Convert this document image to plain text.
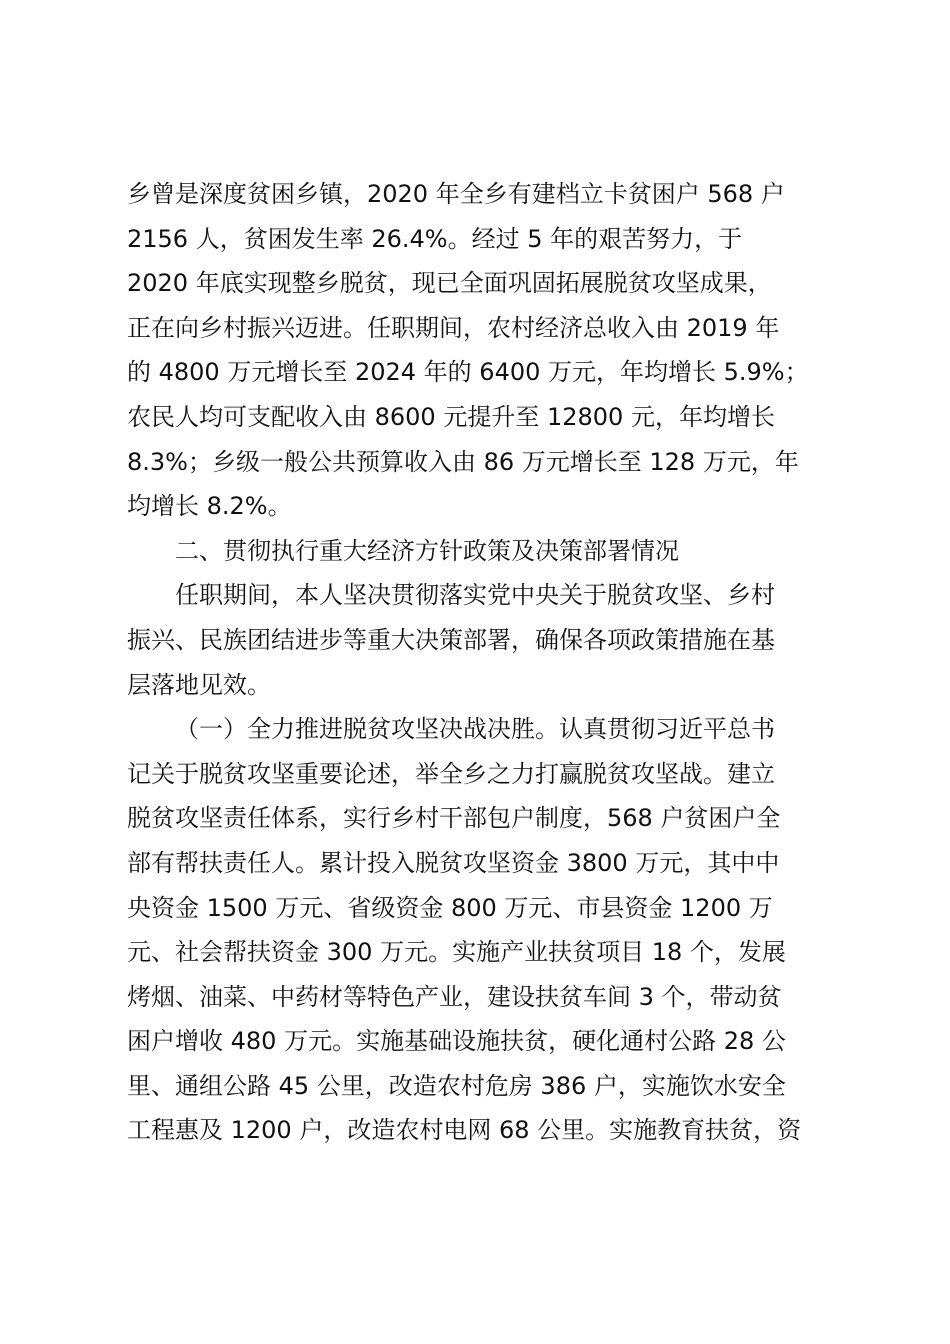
乡曾是深度贫困乡镇，2020 年全乡有建档立卡贫困户 568 户
2156 人，贫困发生率 26.4%。经过 5 年的艰苦努力，于
2020 年底实现整乡脱贫，现已全面巩固拓展脱贫攻坚成果，
正在向乡村振兴迈进。任职期间，农村经济总收入由 2019 年
的 4800 万元增长至 2024 年的 6400 万元，年均增长 5.9%；
农民人均可支配收入由 8600 元提升至 12800 元，年均增长
8.3%；乡级一般公共预算收入由 86 万元增长至 128 万元，年
均增长 8.2%。
二、贯彻执行重大经济方针政策及决策部署情况
任职期间，本人坚决贯彻落实党中央关于脱贫攻坚、乡村
振兴、民族团结进步等重大决策部署，确保各项政策措施在基
层落地见效。
（一）全力推进脱贫攻坚决战决胜。认真贯彻习近平总书
记关于脱贫攻坚重要论述，举全乡之力打赢脱贫攻坚战。建立
脱贫攻坚责任体系，实行乡村干部包户制度，568 户贫困户全
部有帮扶责任人。累计投入脱贫攻坚资金 3800 万元，其中中
央资金 1500 万元、省级资金 800 万元、市县资金 1200 万
元、社会帮扶资金 300 万元。实施产业扶贫项目 18 个，发展
烤烟、油菜、中药材等特色产业，建设扶贫车间 3 个，带动贫
困户增收 480 万元。实施基础设施扶贫，硬化通村公路 28 公
里、通组公路 45 公里，改造农村危房 386 户，实施饮水安全
工程惠及 1200 户，改造农村电网 68 公里。实施教育扶贫，资
